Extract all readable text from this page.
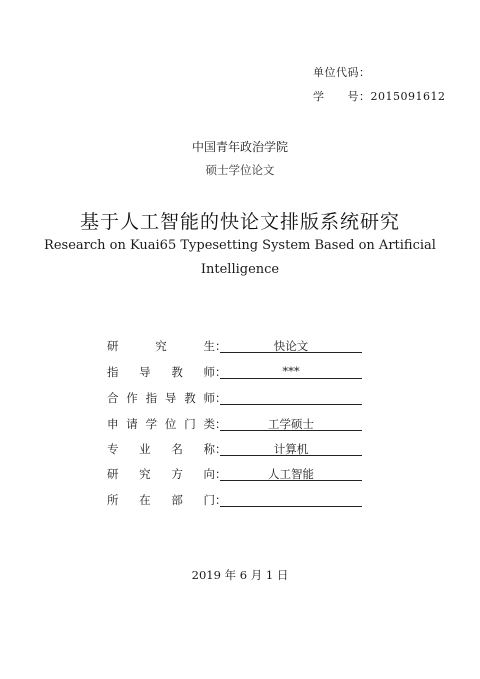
单位代码：
学　　号：2015091612
中国青年政治学院
硕士学位论文
基于人工智能的快论文排版系统研究
Research on Kuai65 Typesetting System Based on Artificial
Intelligence
研	究	生 ：	快论文
指 导 教 师 ：	***
合 作 指 导 教 师 ：
申 请 学 位 门 类 ：	工学硕士
专 业 名 称 ：	计算机
研 究 方 向 ：	人工智能
所 在 部 门 ：
2019 年 6 月 1 日
